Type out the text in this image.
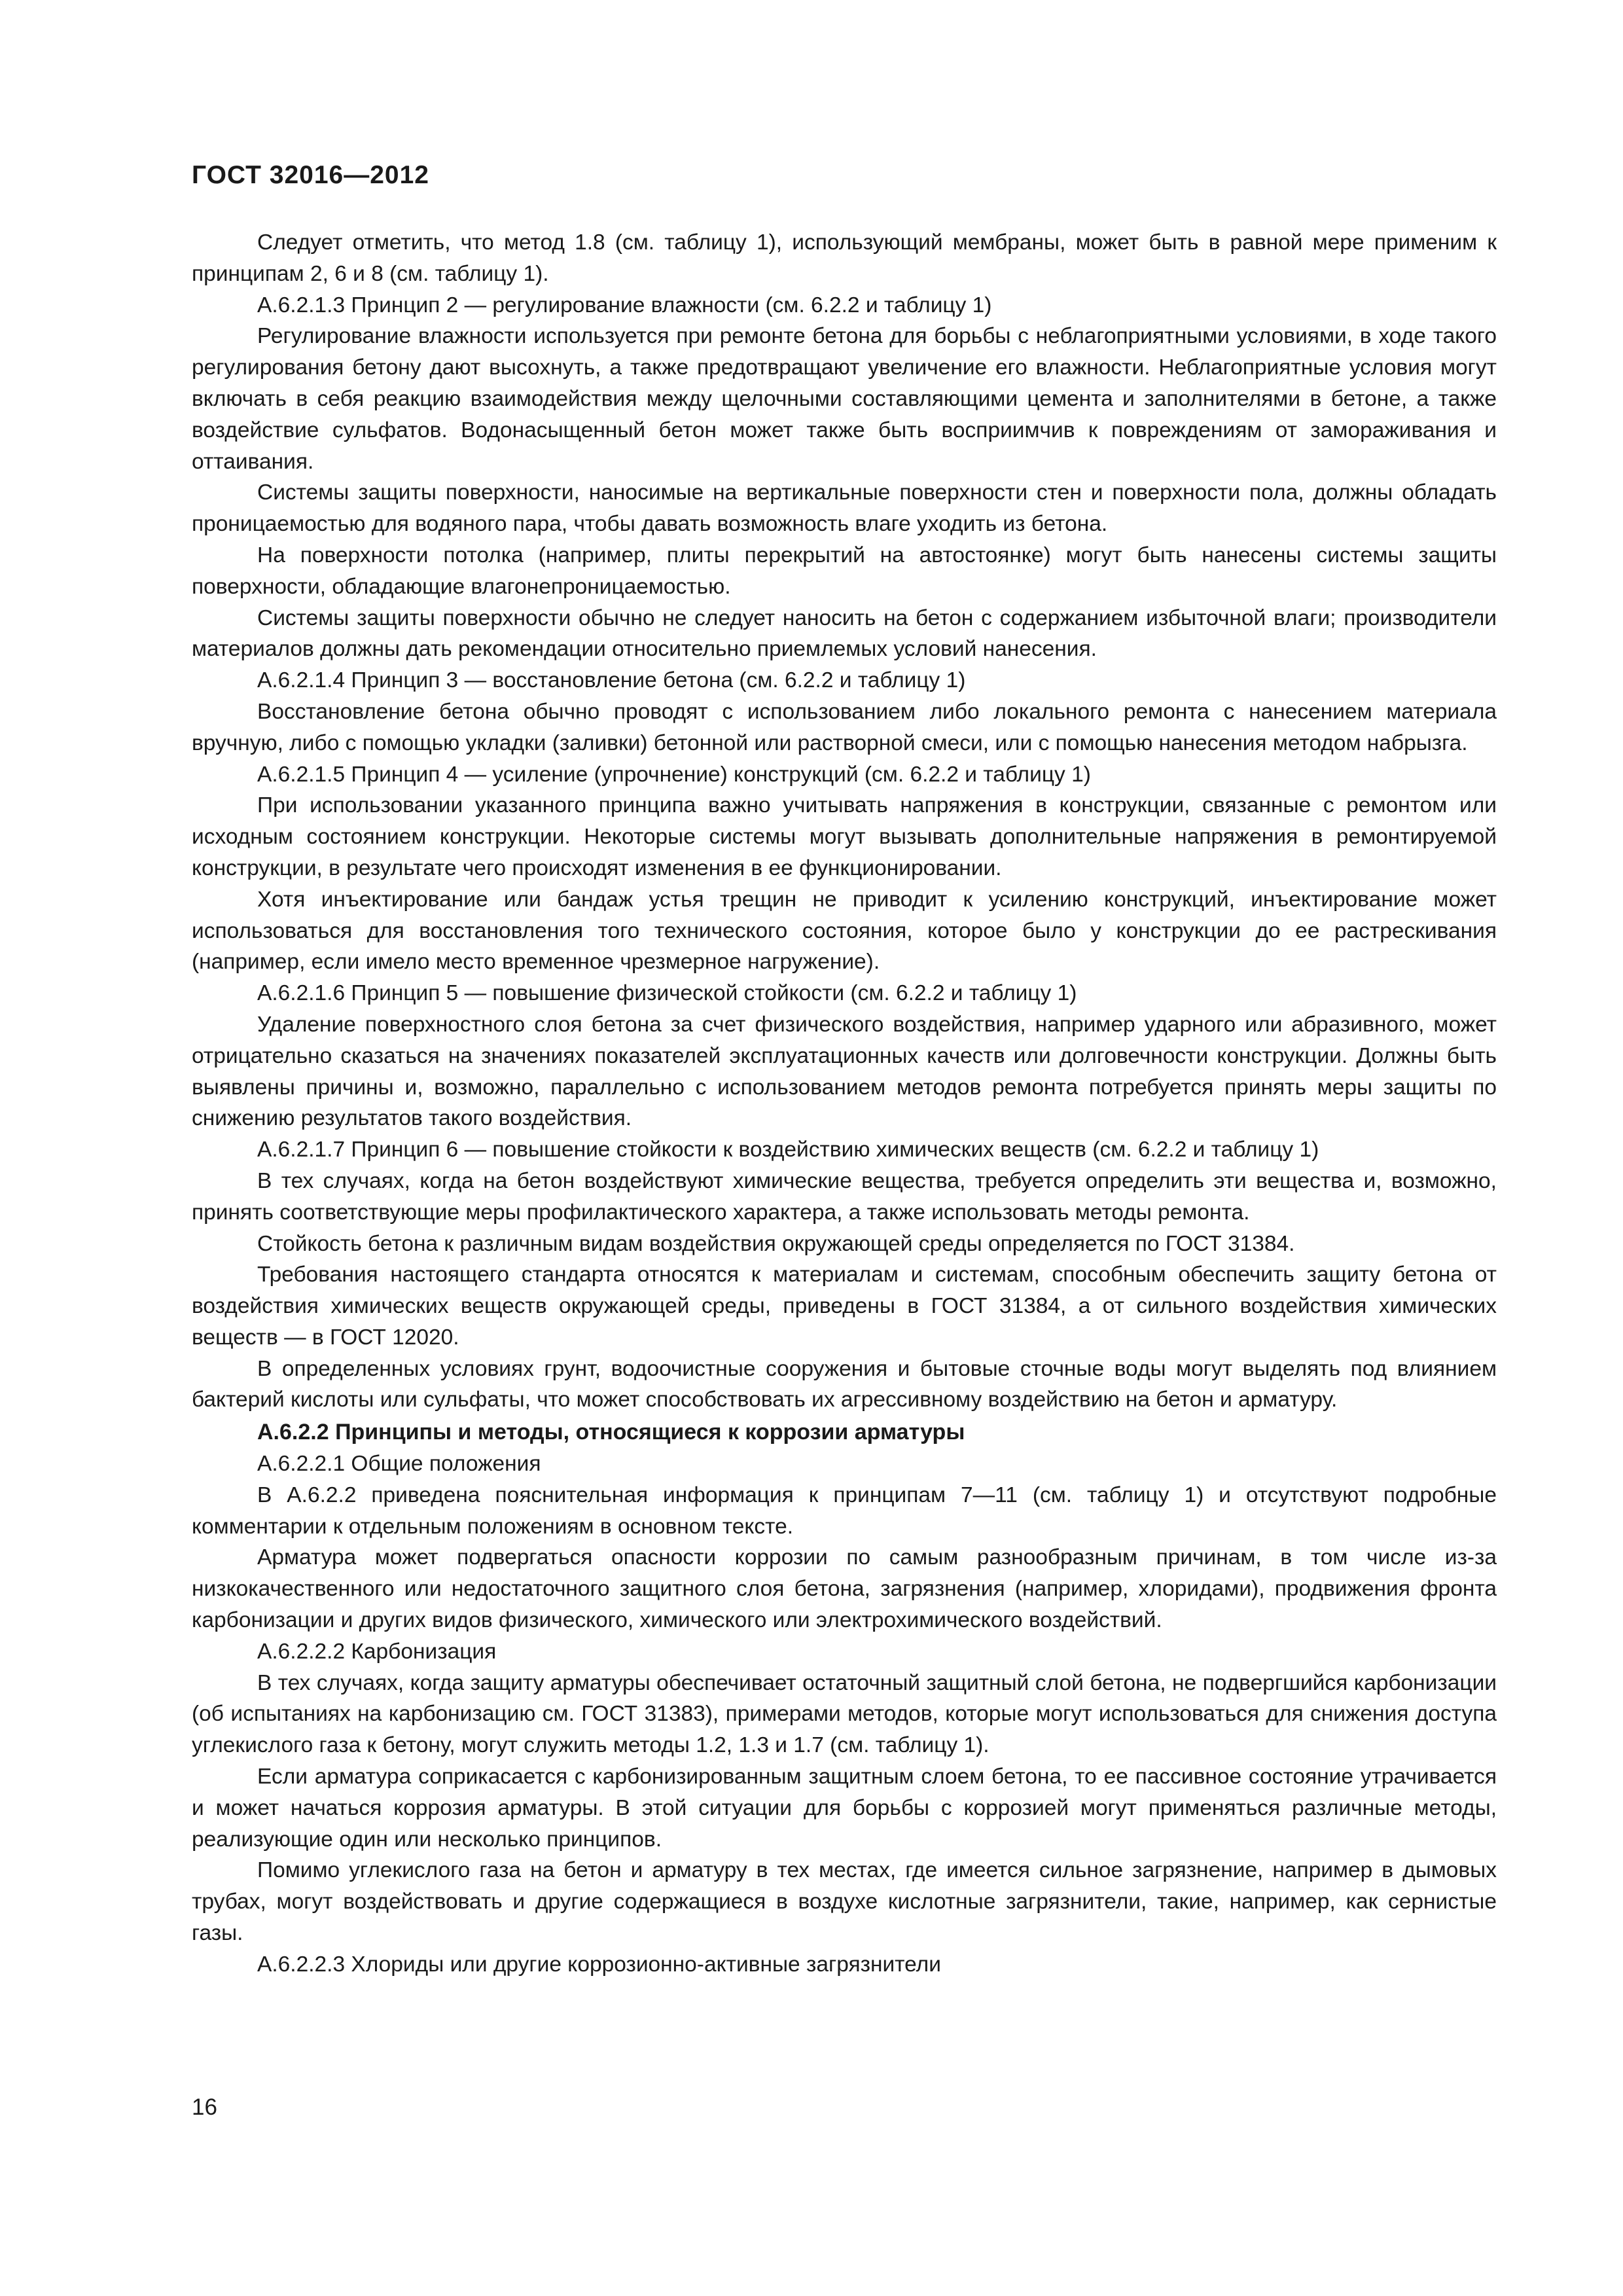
ГОСТ 32016—2012

Следует отметить, что метод 1.8 (см. таблицу 1), использующий мембраны, может быть в равной мере применим к принципам 2, 6 и 8 (см. таблицу 1).

А.6.2.1.3 Принцип 2 — регулирование влажности (см. 6.2.2 и таблицу 1)

Регулирование влажности используется при ремонте бетона для борьбы с неблагоприятными условиями, в ходе такого регулирования бетону дают высохнуть, а также предотвращают увеличение его влажности. Неблагоприятные условия могут включать в себя реакцию взаимодействия между щелочными составляющими цемента и заполнителями в бетоне, а также воздействие сульфатов. Водонасыщенный бетон может также быть восприимчив к повреждениям от замораживания и оттаивания.

Системы защиты поверхности, наносимые на вертикальные поверхности стен и поверхности пола, должны обладать проницаемостью для водяного пара, чтобы давать возможность влаге уходить из бетона.

На поверхности потолка (например, плиты перекрытий на автостоянке) могут быть нанесены системы защиты поверхности, обладающие влагонепроницаемостью.

Системы защиты поверхности обычно не следует наносить на бетон с содержанием избыточной влаги; производители материалов должны дать рекомендации относительно приемлемых условий нанесения.

А.6.2.1.4 Принцип 3 — восстановление бетона (см. 6.2.2 и таблицу 1)

Восстановление бетона обычно проводят с использованием либо локального ремонта с нанесением материала вручную, либо с помощью укладки (заливки) бетонной или растворной смеси, или с помощью нанесения методом набрызга.

А.6.2.1.5 Принцип 4 — усиление (упрочнение) конструкций (см. 6.2.2 и таблицу 1)

При использовании указанного принципа важно учитывать напряжения в конструкции, связанные с ремонтом или исходным состоянием конструкции. Некоторые системы могут вызывать дополнительные напряжения в ремонтируемой конструкции, в результате чего происходят изменения в ее функционировании.

Хотя инъектирование или бандаж устья трещин не приводит к усилению конструкций, инъектирование может использоваться для восстановления того технического состояния, которое было у конструкции до ее растрескивания (например, если имело место временное чрезмерное нагружение).

А.6.2.1.6 Принцип 5 — повышение физической стойкости (см. 6.2.2 и таблицу 1)

Удаление поверхностного слоя бетона за счет физического воздействия, например ударного или абразивного, может отрицательно сказаться на значениях показателей эксплуатационных качеств или долговечности конструкции. Должны быть выявлены причины и, возможно, параллельно с использованием методов ремонта потребуется принять меры защиты по снижению результатов такого воздействия.

А.6.2.1.7 Принцип 6 — повышение стойкости к воздействию химических веществ (см. 6.2.2 и таблицу 1)

В тех случаях, когда на бетон воздействуют химические вещества, требуется определить эти вещества и, возможно, принять соответствующие меры профилактического характера, а также использовать методы ремонта.

Стойкость бетона к различным видам воздействия окружающей среды определяется по ГОСТ 31384.

Требования настоящего стандарта относятся к материалам и системам, способным обеспечить защиту бетона от воздействия химических веществ окружающей среды, приведены в ГОСТ 31384, а от сильного воздействия химических веществ — в ГОСТ 12020.

В определенных условиях грунт, водоочистные сооружения и бытовые сточные воды могут выделять под влиянием бактерий кислоты или сульфаты, что может способствовать их агрессивному воздействию на бетон и арматуру.

А.6.2.2 Принципы и методы, относящиеся к коррозии арматуры

А.6.2.2.1 Общие положения

В А.6.2.2 приведена пояснительная информация к принципам 7—11 (см. таблицу 1) и отсутствуют подробные комментарии к отдельным положениям в основном тексте.

Арматура может подвергаться опасности коррозии по самым разнообразным причинам, в том числе из-за низкокачественного или недостаточного защитного слоя бетона, загрязнения (например, хлоридами), продвижения фронта карбонизации и других видов физического, химического или электрохимического воздействий.

А.6.2.2.2 Карбонизация

В тех случаях, когда защиту арматуры обеспечивает остаточный защитный слой бетона, не подвергшийся карбонизации (об испытаниях на карбонизацию см. ГОСТ 31383), примерами методов, которые могут использоваться для снижения доступа углекислого газа к бетону, могут служить методы 1.2, 1.3 и 1.7 (см. таблицу 1).

Если арматура соприкасается с карбонизированным защитным слоем бетона, то ее пассивное состояние утрачивается и может начаться коррозия арматуры. В этой ситуации для борьбы с коррозией могут применяться различные методы, реализующие один или несколько принципов.

Помимо углекислого газа на бетон и арматуру в тех местах, где имеется сильное загрязнение, например в дымовых трубах, могут воздействовать и другие содержащиеся в воздухе кислотные загрязнители, такие, например, как сернистые газы.

А.6.2.2.3 Хлориды или другие коррозионно-активные загрязнители

16
